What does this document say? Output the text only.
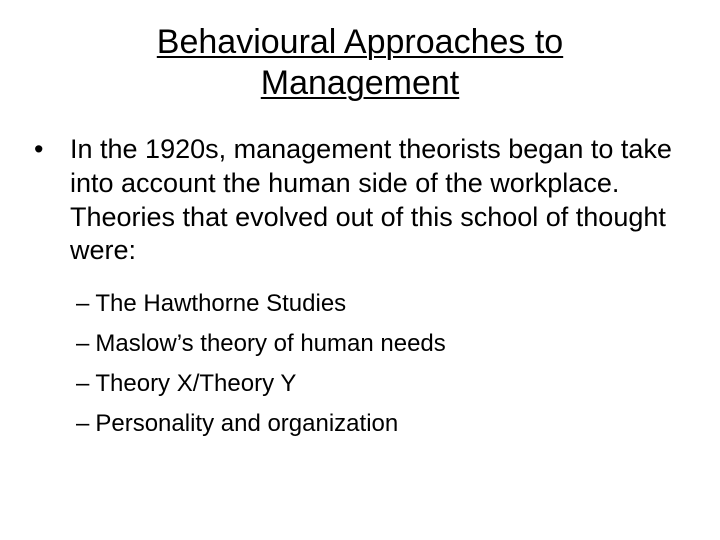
Behavioural Approaches to
Management
• In the 1920s, management theorists began to take into account the human side of the workplace. Theories that evolved out of this school of thought were:
– The Hawthorne Studies
– Maslow’s theory of human needs
– Theory X/Theory Y
– Personality and organization
